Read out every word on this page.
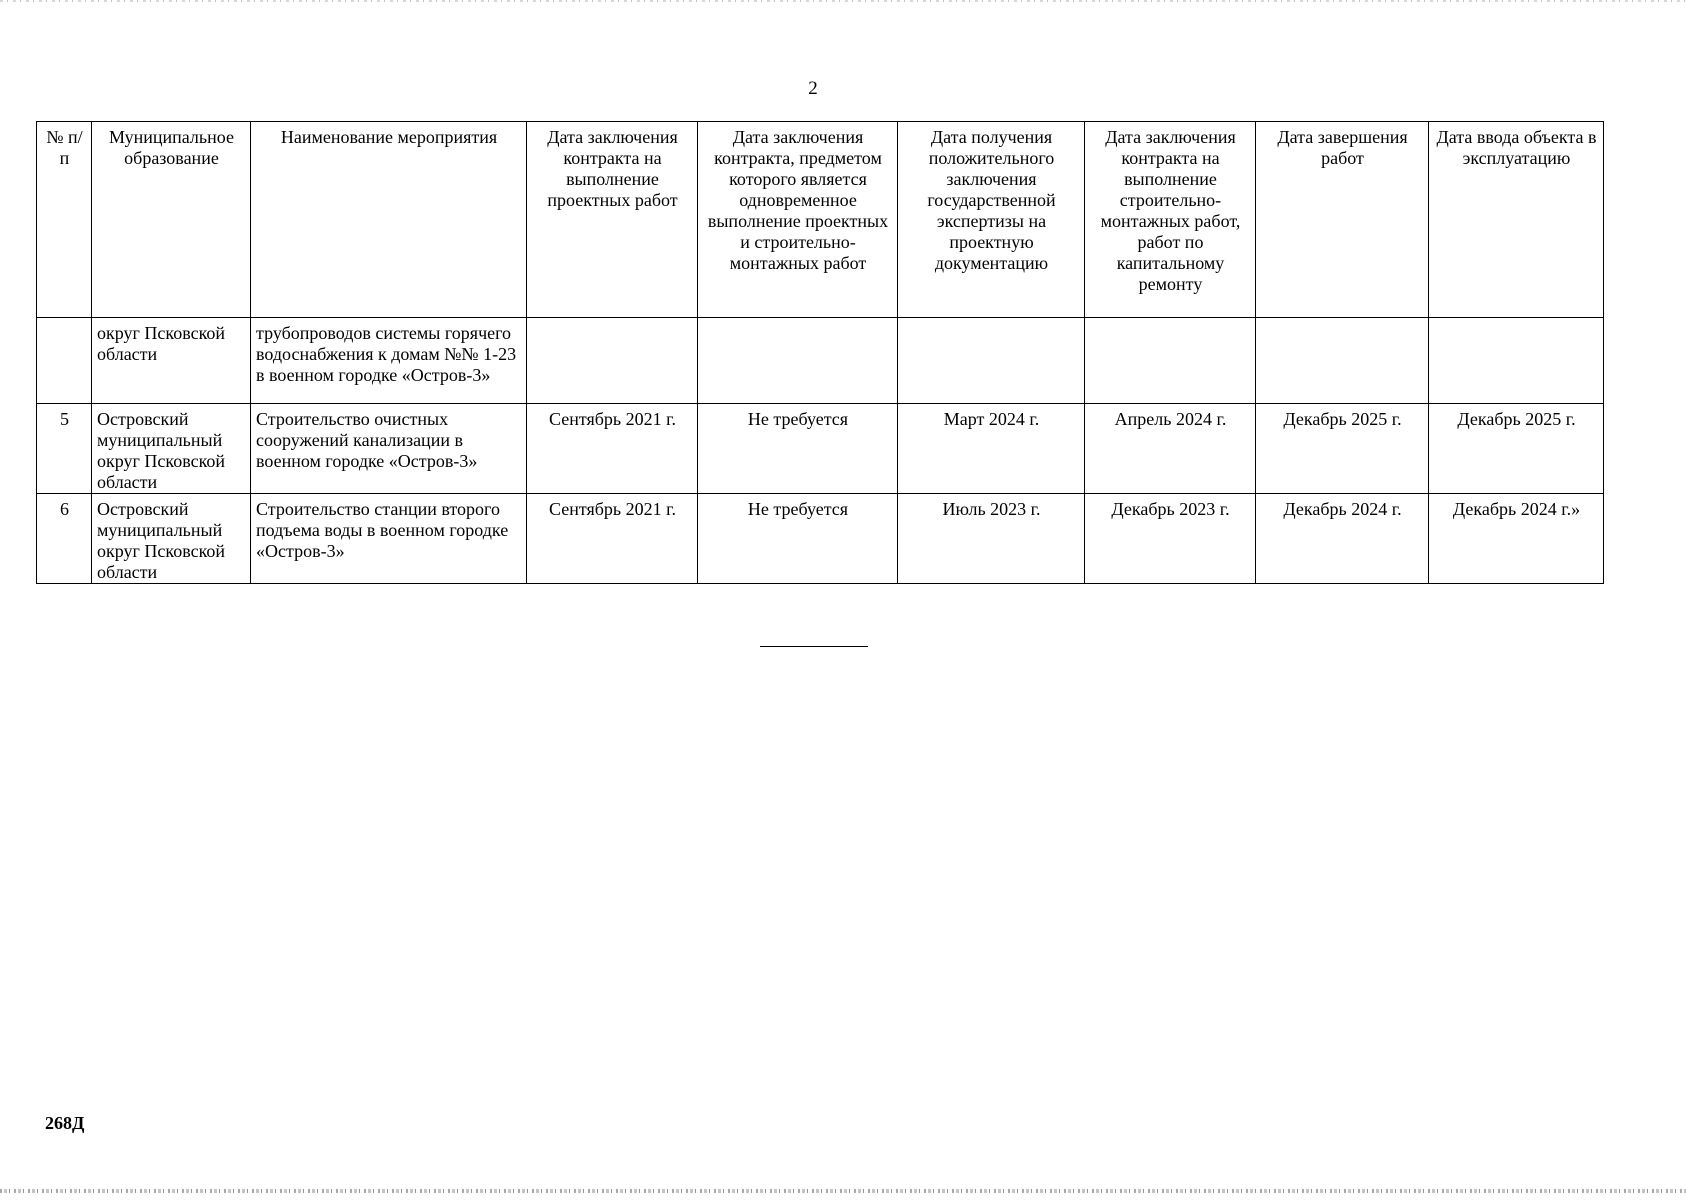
2
№ п/п	Муниципальное образование	Наименование мероприятия	Дата заключения контракта на выполнение проектных работ	Дата заключения контракта, предметом которого является одновременное выполнение проектных и строительно-монтажных работ	Дата получения положительного заключения государственной экспертизы на проектную документацию	Дата заключения контракта на выполнение строительно-монтажных работ, работ по капитальному ремонту	Дата завершения работ	Дата ввода объекта в эксплуатацию
	округ Псковской области	трубопроводов системы горячего водоснабжения к домам №№ 1-23 в военном городке «Остров-3»						
5	Островский муниципальный округ Псковской области	Строительство очистных сооружений канализации в военном городке «Остров-3»	Сентябрь 2021 г.	Не требуется	Март 2024 г.	Апрель 2024 г.	Декабрь 2025 г.	Декабрь 2025 г.
6	Островский муниципальный округ Псковской области	Строительство станции второго подъема воды в военном городке «Остров-3»	Сентябрь 2021 г.	Не требуется	Июль 2023 г.	Декабрь 2023 г.	Декабрь 2024 г.	Декабрь 2024 г.»
268Д
